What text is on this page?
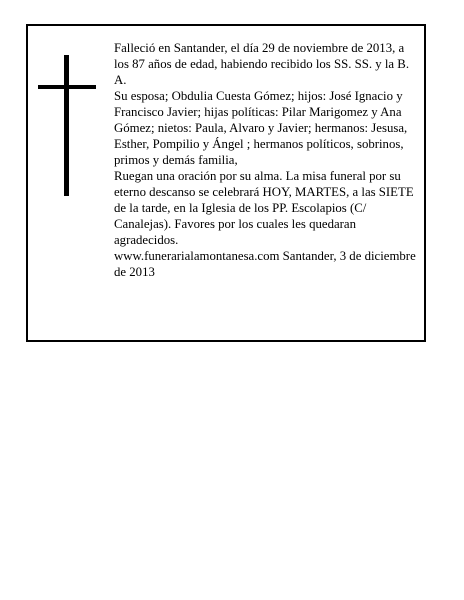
Falleció en Santander, el día 29 de noviembre de 2013, a los 87 años de edad, habiendo recibido los SS. SS. y la B. A.

Su esposa; Obdulia Cuesta Gómez; hijos: José Ignacio y Francisco Javier; hijas políticas: Pilar Marigomez y Ana Gómez; nietos: Paula, Alvaro y Javier; hermanos: Jesusa, Esther, Pompilio y Ángel ; hermanos políticos, sobrinos, primos y demás familia,

Ruegan una oración por su alma. La misa funeral por su eterno descanso se celebrará HOY, MARTES, a las SIETE de la tarde, en la Iglesia de los PP. Escolapios (C/ Canalejas). Favores por los cuales les quedaran agradecidos.

www.funerarialamontanesa.com Santander, 3 de diciembre de 2013
